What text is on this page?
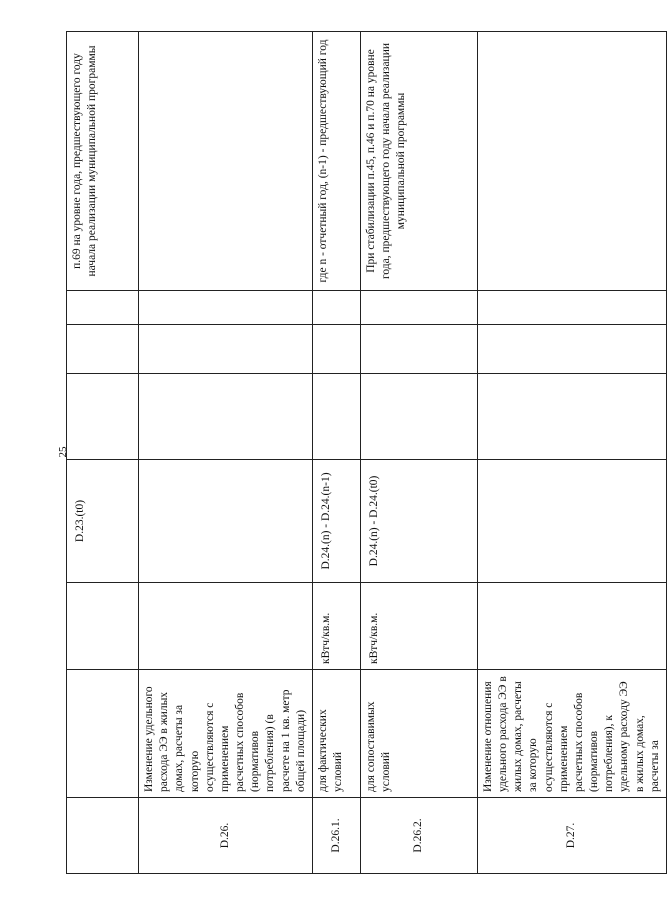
25
			D.23.(t0)				п.69 на уровне года, предшествующего году начала реализации муниципальной программы
D.26.	Изменение удельного расхода ЭЭ в жилых домах, расчеты за которую осуществляются с применением расчетных способов (нормативов потребления) (в расчете на 1 кв. метр общей площади)						
D.26.1.	для фактических условий	кВтч/кв.м.	D.24.(n) - D.24.(n-1)				где n - отчетный год, (n-1) - предшествующий год
D.26.2.	для сопоставимых условий	кВтч/кв.м.	D.24.(n) - D.24.(t0)				При стабилизации п.45, п.46 и п.70 на уровне года, предшествующего году начала реализации муниципальной программы
D.27.	Изменение отношения удельного расхода ЭЭ в жилых домах, расчеты за которую осуществляются с применением расчетных способов (нормативов потребления), к удельному расходу ЭЭ в жилых домах, расчеты за						
